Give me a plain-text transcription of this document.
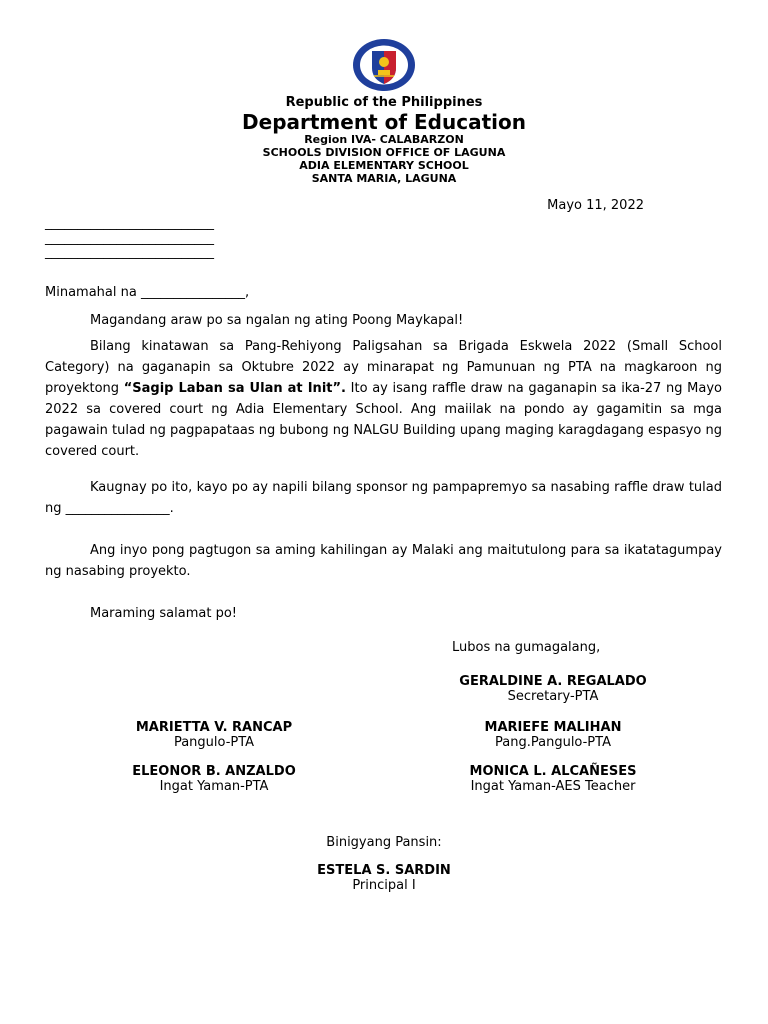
Republic of the Philippines
Department of Education
Region IVA- CALABARZON
SCHOOLS DIVISION OFFICE OF LAGUNA
ADIA ELEMENTARY SCHOOL
SANTA MARIA, LAGUNA
Mayo 11, 2022
__________________________
__________________________
__________________________
Minamahal na ________________,
Magandang araw po sa ngalan ng ating Poong Maykapal!
Bilang kinatawan sa Pang-Rehiyong Paligsahan sa Brigada Eskwela 2022 (Small School Category) na gaganapin sa Oktubre 2022 ay minarapat ng Pamunuan ng PTA na magkaroon ng proyektong “Sagip Laban sa Ulan at Init”. Ito ay isang raffle draw na gaganapin sa ika-27 ng Mayo 2022 sa covered court ng Adia Elementary School. Ang maiilak na pondo ay gagamitin sa mga pagawain tulad ng pagpapataas ng bubong ng NALGU Building upang maging karagdagang espasyo ng covered court.
Kaugnay po ito, kayo po ay napili bilang sponsor ng pampapremyo sa nasabing raffle draw tulad ng ________________.
Ang inyo pong pagtugon sa aming kahilingan ay Malaki ang maitutulong para sa ikatatagumpay ng nasabing proyekto.
Maraming salamat po!
Lubos na gumagalang,
GERALDINE A. REGALADO
Secretary-PTA
MARIETTA V. RANCAP
Pangulo-PTA
MARIEFE MALIHAN
Pang.Pangulo-PTA
ELEONOR B. ANZALDO
Ingat Yaman-PTA
MONICA L. ALCAÑESES
Ingat Yaman-AES Teacher
Binigyang Pansin:
ESTELA S. SARDIN
Principal I
